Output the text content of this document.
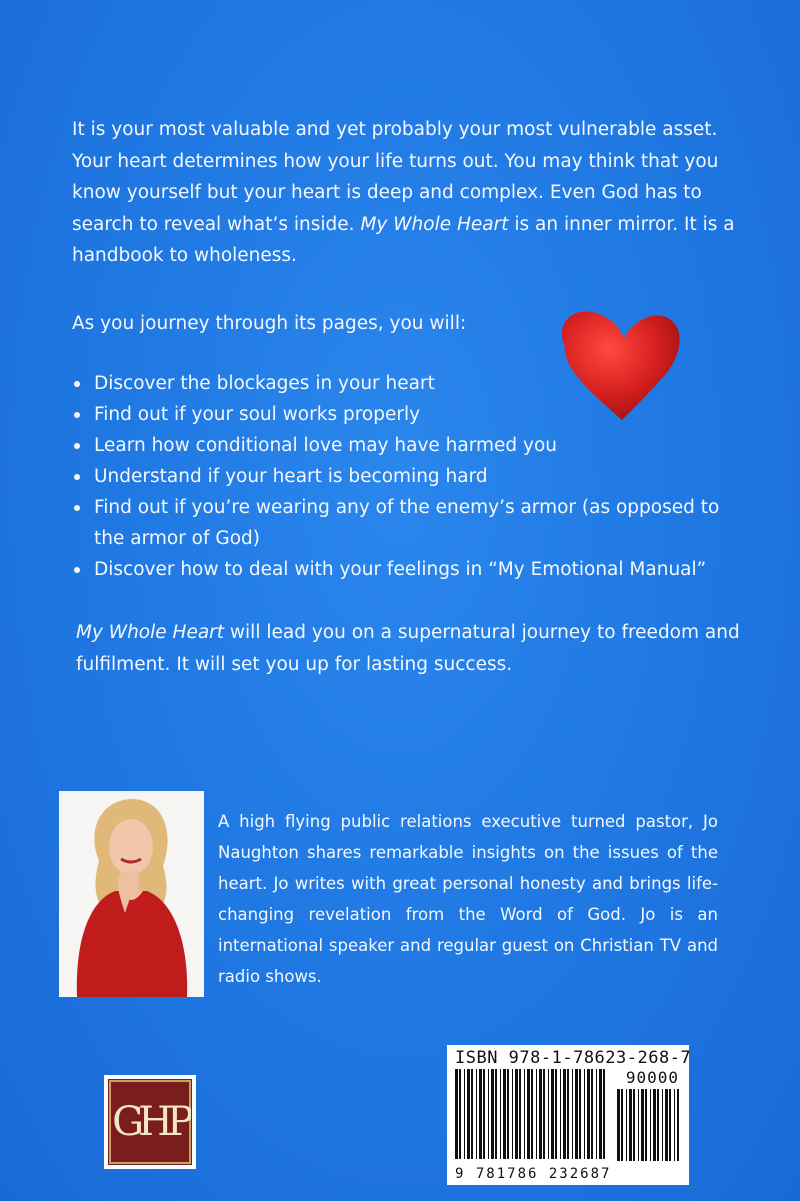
It is your most valuable and yet probably your most vulnerable asset. Your heart determines how your life turns out. You may think that you know yourself but your heart is deep and complex. Even God has to search to reveal what’s inside. My Whole Heart is an inner mirror. It is a handbook to wholeness.

As you journey through its pages, you will:

Discover the blockages in your heart
Find out if your soul works properly
Learn how conditional love may have harmed you
Understand if your heart is becoming hard
Find out if you’re wearing any of the enemy’s armor (as opposed to the armor of God)
Discover how to deal with your feelings in “My Emotional Manual”

My Whole Heart will lead you on a supernatural journey to freedom and fulfilment. It will set you up for lasting success.

A high flying public relations executive turned pastor, Jo Naughton shares remarkable insights on the issues of the heart. Jo writes with great personal honesty and brings life-changing revelation from the Word of God. Jo is an international speaker and regular guest on Christian TV and radio shows.

GHP
ISBN 978-1-78623-268-7
90000
9 781786 232687
